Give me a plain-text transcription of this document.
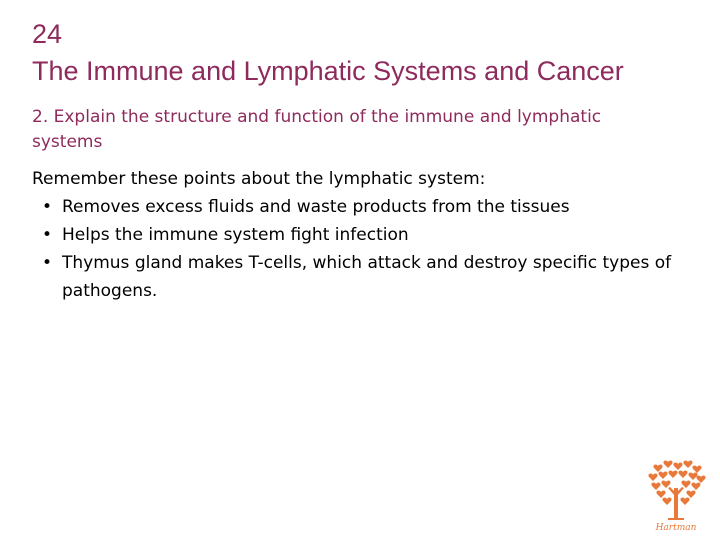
24
The Immune and Lymphatic Systems and Cancer
2. Explain the structure and function of the immune and lymphatic systems

Remember these points about the lymphatic system:

• Removes excess fluids and waste products from the tissues
• Helps the immune system fight infection
• Thymus gland makes T-cells, which attack and destroy specific types of pathogens.
Hartman
